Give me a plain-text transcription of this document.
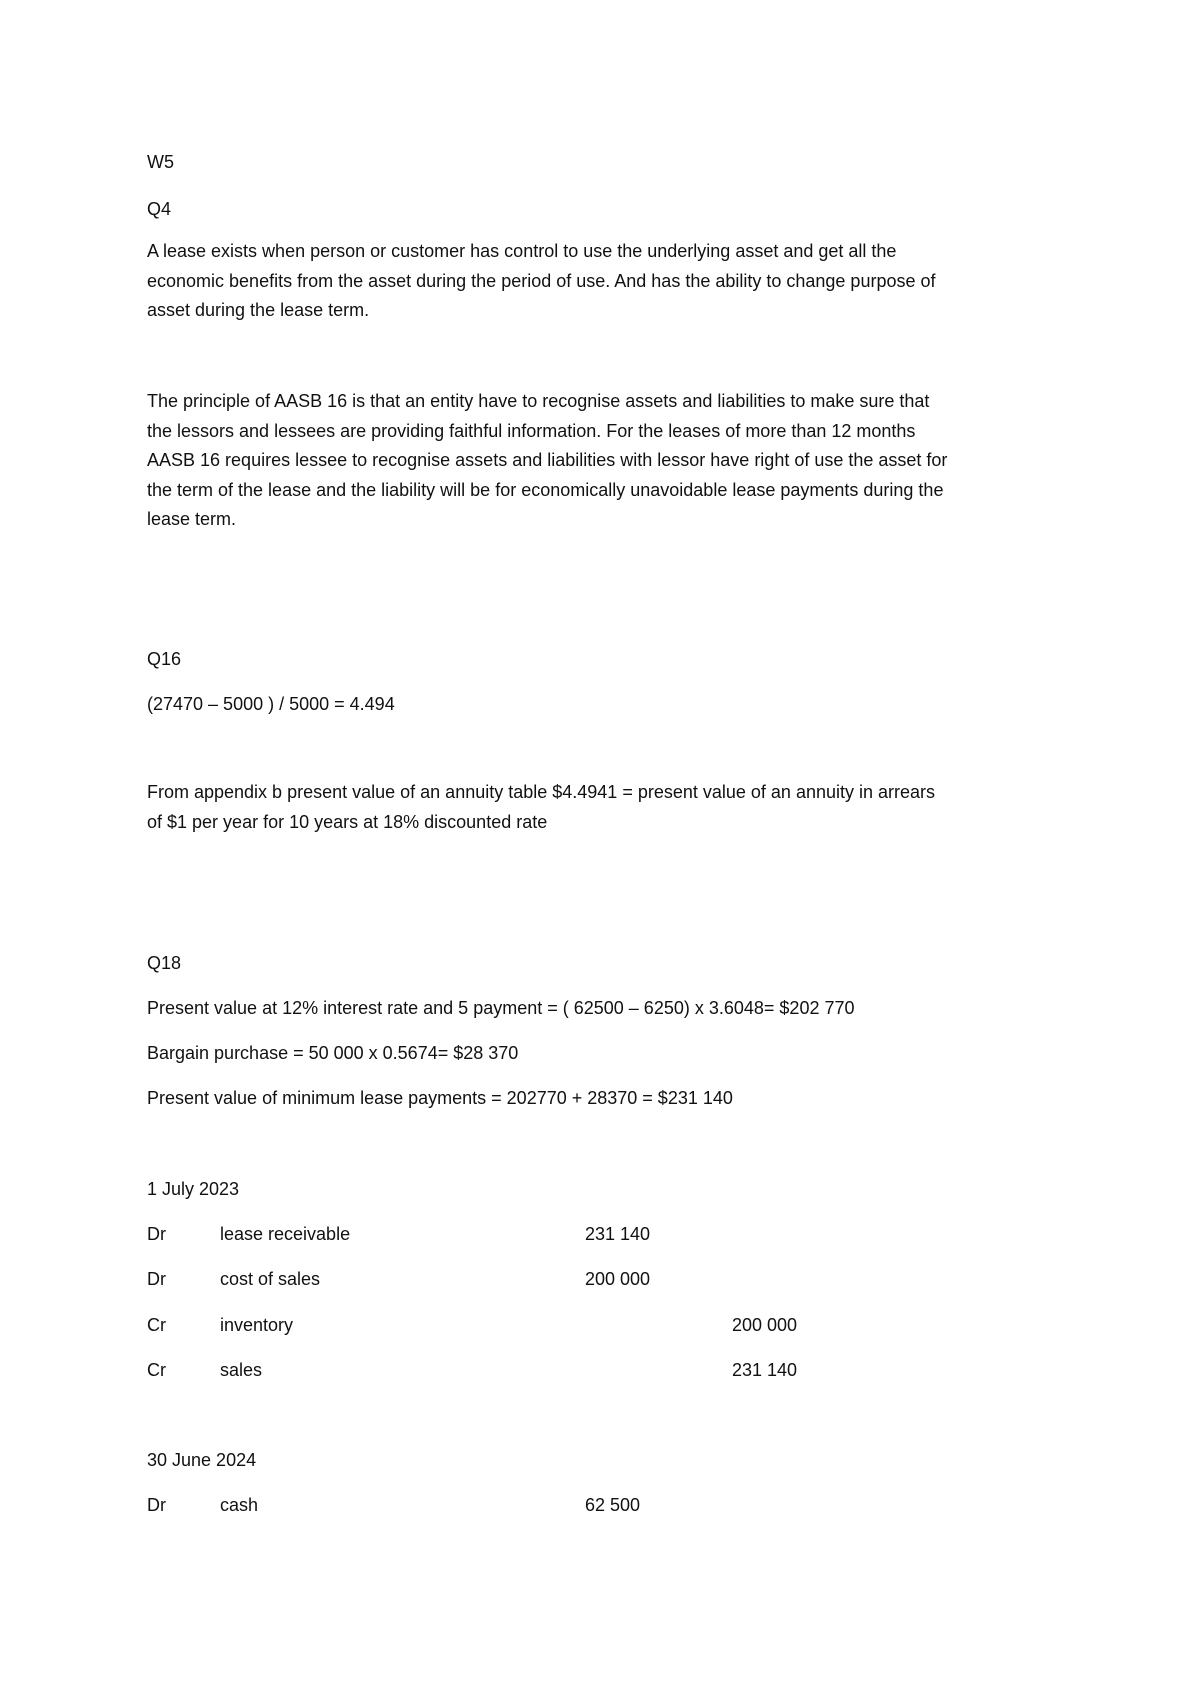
W5
Q4
A lease exists when person or customer has control to use the underlying asset and get all the
economic benefits from the asset during the period of use. And has the ability to change purpose of
asset during the lease term.
The principle of AASB 16 is that an entity have to recognise assets and liabilities to make sure that
the lessors and lessees are providing faithful information. For the leases of more than 12 months
AASB 16 requires lessee to recognise assets and liabilities with lessor have right of use the asset for
the term of the lease and the liability will be for economically unavoidable lease payments during the
lease term.
Q16
(27470 – 5000 ) / 5000 = 4.494
From appendix b present value of an annuity table $4.4941 = present value of an annuity in arrears
of $1 per year for 10 years at 18% discounted rate
Q18
Present value at 12% interest rate and 5 payment = ( 62500 – 6250) x 3.6048= $202 770
Bargain purchase = 50 000 x 0.5674= $28 370
Present value of minimum lease payments = 202770 + 28370 = $231 140
1 July 2023
Dr	lease receivable	231 140
Dr	cost of sales	200 000
Cr	inventory	200 000
Cr	sales	231 140
30 June 2024
Dr	cash	62 500
